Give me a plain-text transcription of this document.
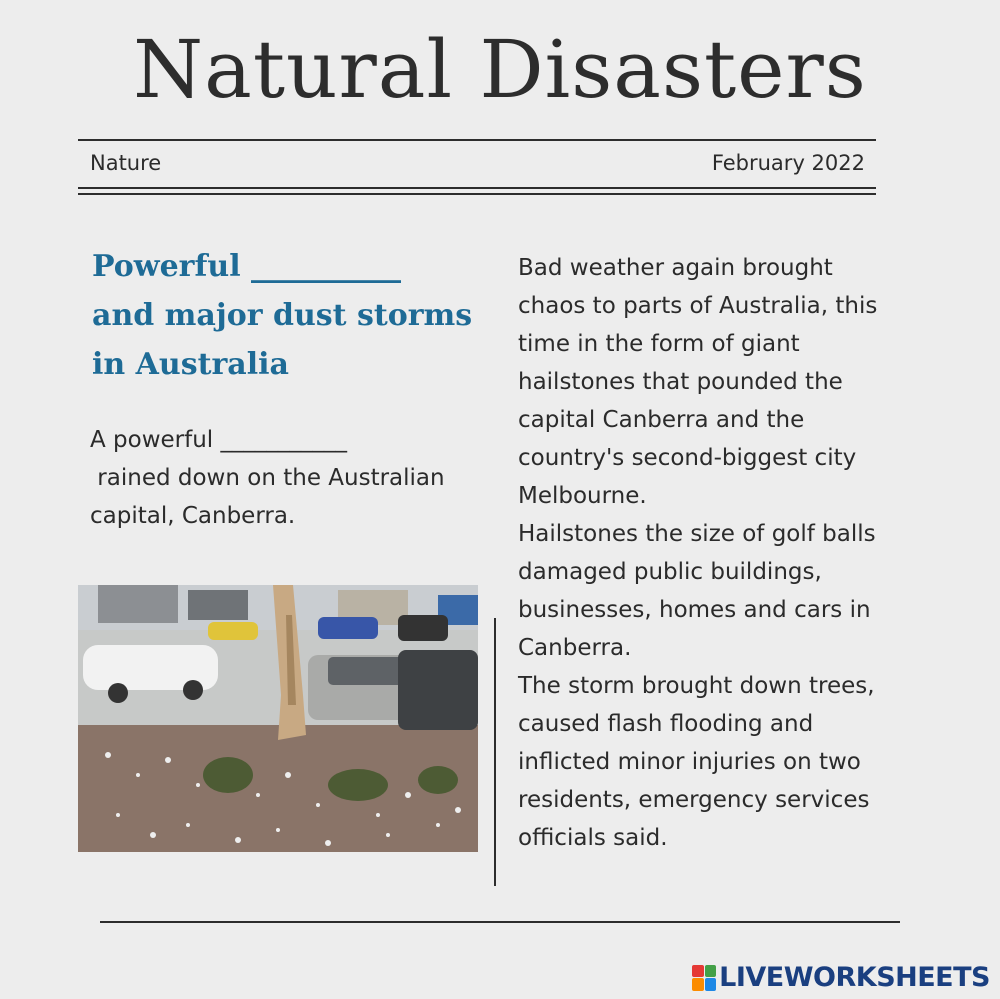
Natural Disasters
Nature	February 2022
Powerful __________
and major dust storms
in Australia
A powerful ___________
rained down on the Australian
capital, Canberra.
Bad weather again brought
chaos to parts of Australia, this
time in the form of giant
hailstones that pounded the
capital Canberra and the
country's second-biggest city
Melbourne.
Hailstones the size of golf balls
damaged public buildings,
businesses, homes and cars in
Canberra.
The storm brought down trees,
caused flash flooding and
inflicted minor injuries on two
residents, emergency services
officials said.
LIVEWORKSHEETS
